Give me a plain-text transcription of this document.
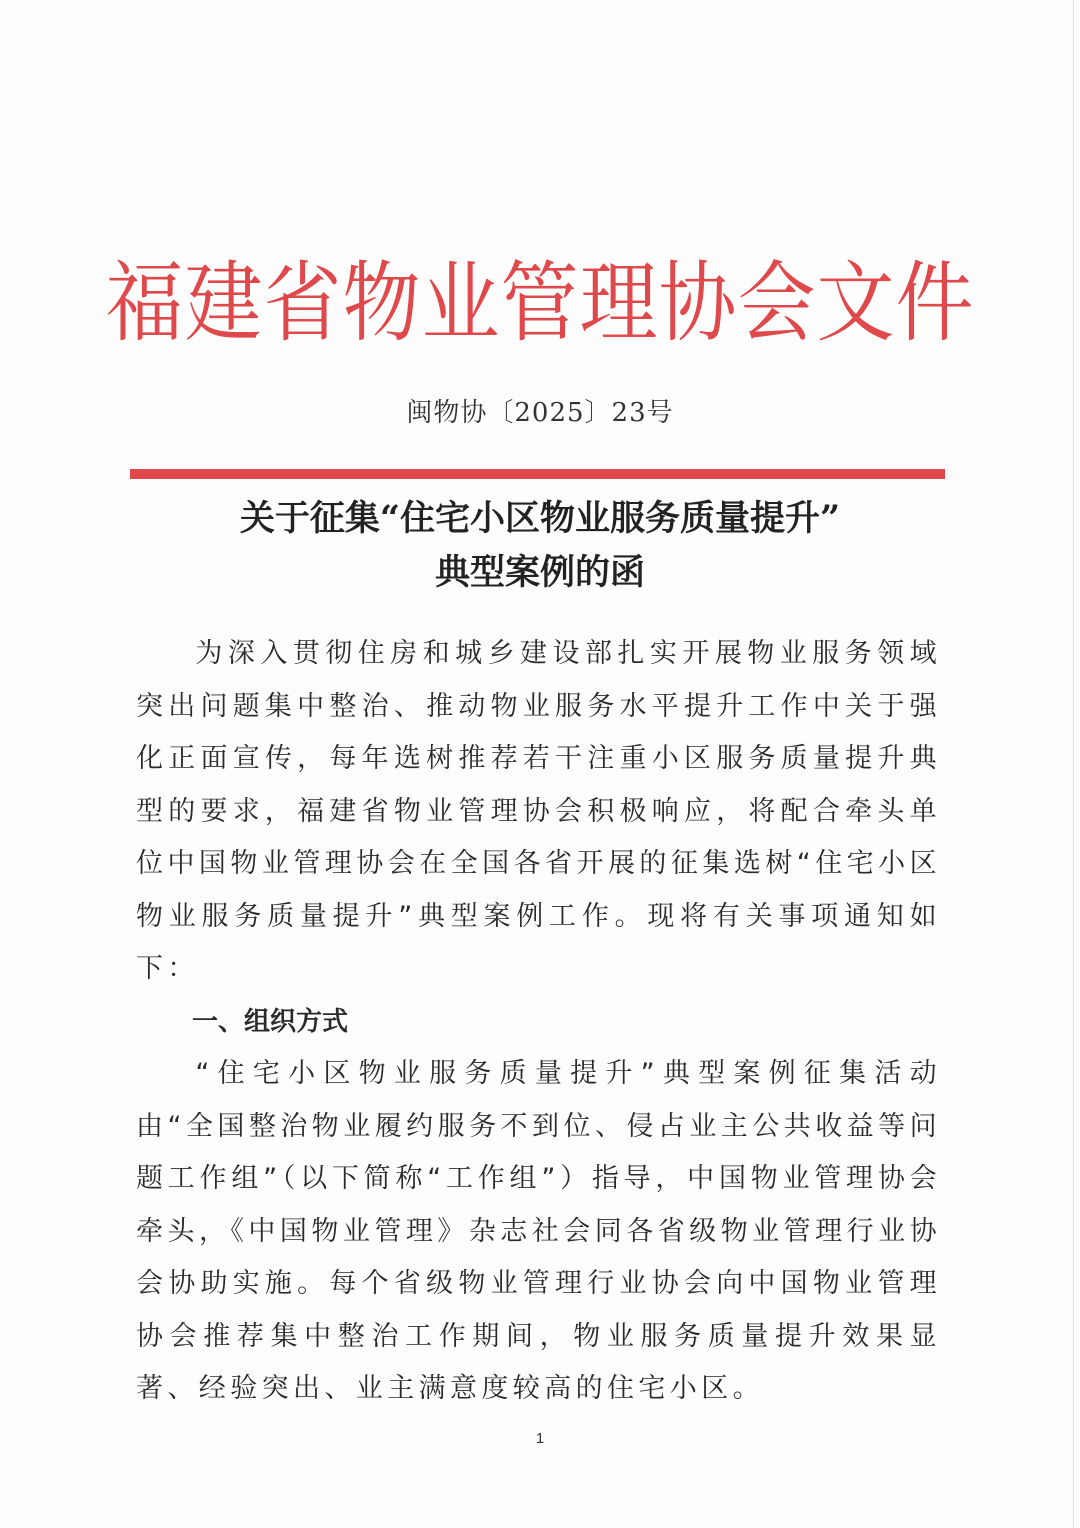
福建省物业管理协会文件
闽物协〔2025〕23号
关于征集“住宅小区物业服务质量提升”
典型案例的函

为深入贯彻住房和城乡建设部扎实开展物业服务领域突出问题集中整治、推动物业服务水平提升工作中关于强化正面宣传，每年选树推荐若干注重小区服务质量提升典型的要求，福建省物业管理协会积极响应，将配合牵头单位中国物业管理协会在全国各省开展的征集选树“住宅小区物业服务质量提升”典型案例工作。现将有关事项通知如下：

一、组织方式

“住宅小区物业服务质量提升”典型案例征集活动由“全国整治物业履约服务不到位、侵占业主公共收益等问题工作组”（以下简称“工作组”）指导，中国物业管理协会牵头，《中国物业管理》杂志社会同各省级物业管理行业协会协助实施。每个省级物业管理行业协会向中国物业管理协会推荐集中整治工作期间，物业服务质量提升效果显著、经验突出、业主满意度较高的住宅小区。

1
